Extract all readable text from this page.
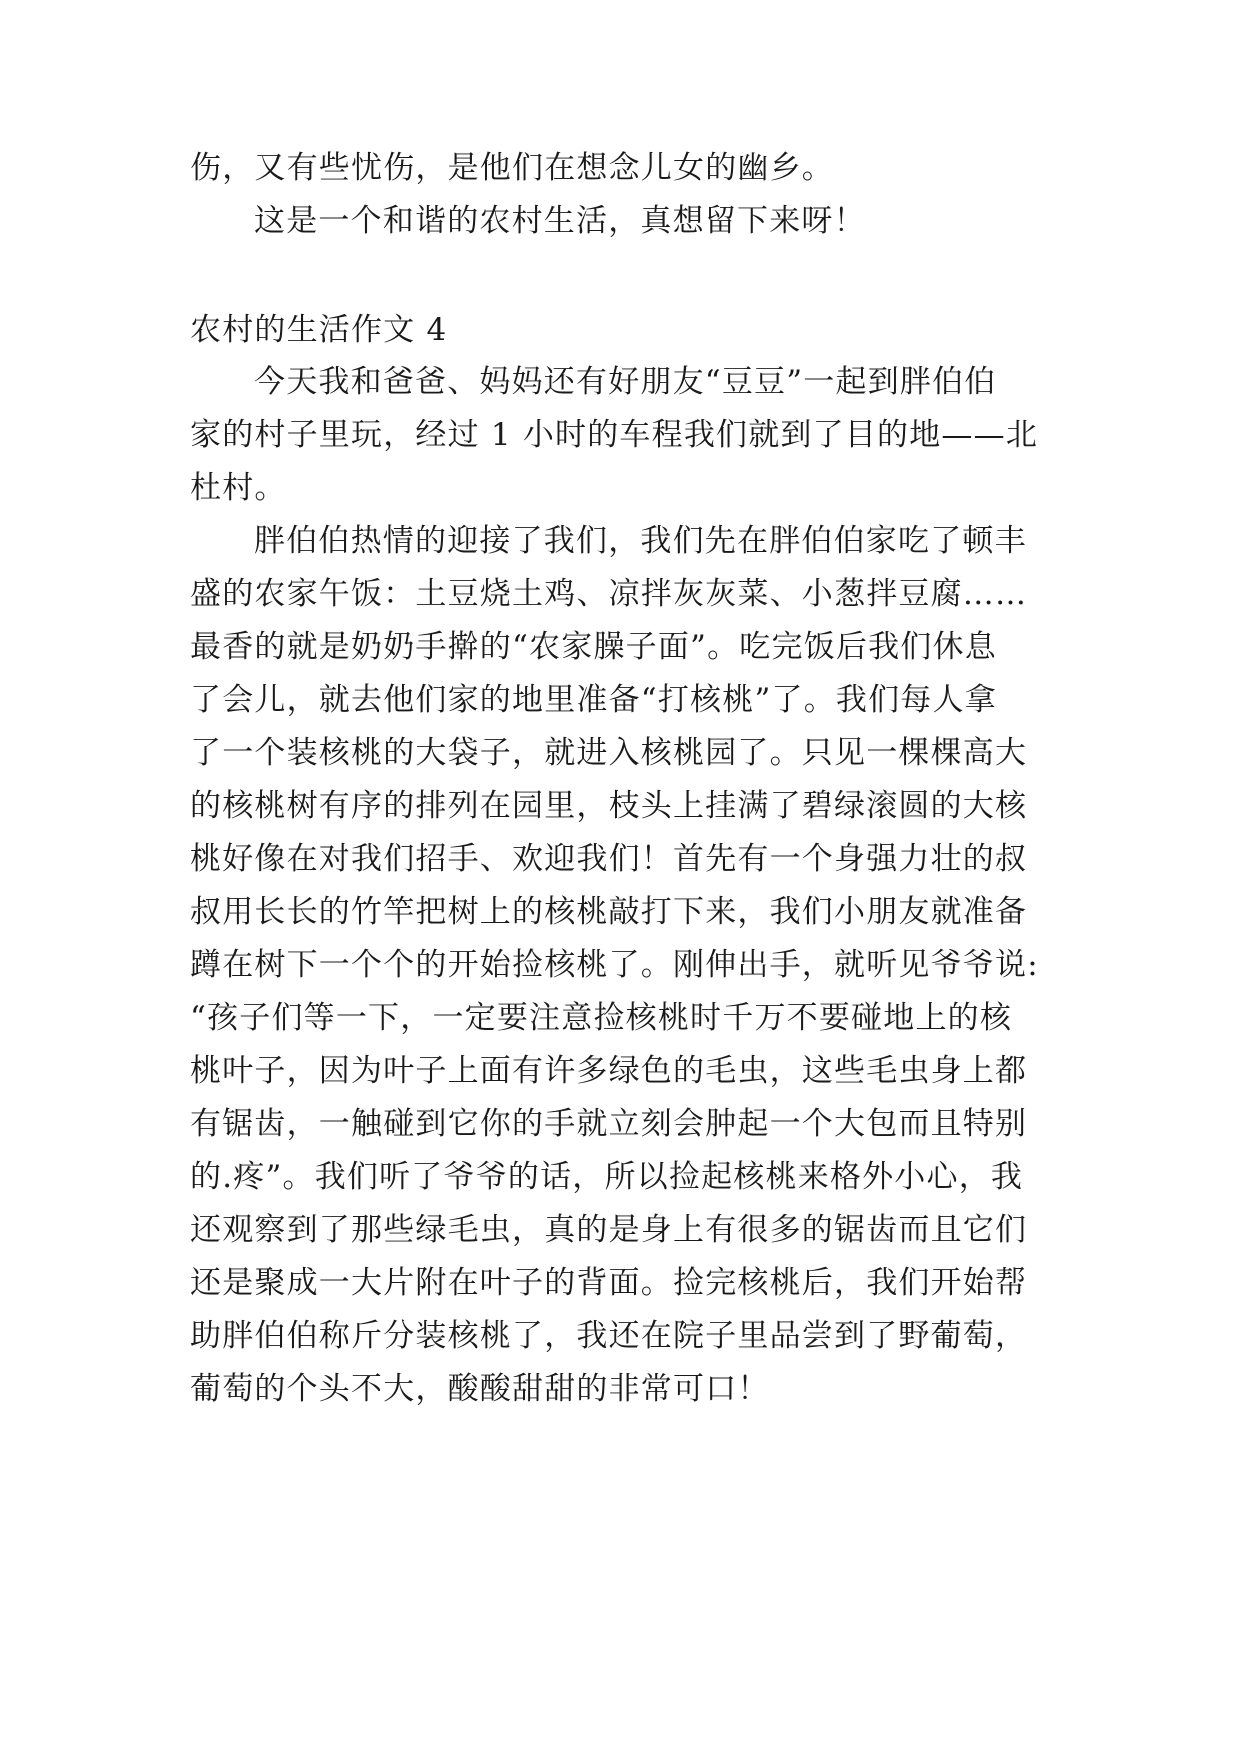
伤，又有些忧伤，是他们在想念儿女的幽乡。
这是一个和谐的农村生活，真想留下来呀！
农村的生活作文 4
今天我和爸爸、妈妈还有好朋友“豆豆”一起到胖伯伯
家的村子里玩，经过 1 小时的车程我们就到了目的地——北
杜村。
胖伯伯热情的迎接了我们，我们先在胖伯伯家吃了顿丰
盛的农家午饭：土豆烧土鸡、凉拌灰灰菜、小葱拌豆腐……
最香的就是奶奶手擀的“农家臊子面”。吃完饭后我们休息
了会儿，就去他们家的地里准备“打核桃”了。我们每人拿
了一个装核桃的大袋子，就进入核桃园了。只见一棵棵高大
的核桃树有序的排列在园里，枝头上挂满了碧绿滚圆的大核
桃好像在对我们招手、欢迎我们！首先有一个身强力壮的叔
叔用长长的竹竿把树上的核桃敲打下来，我们小朋友就准备
蹲在树下一个个的开始捡核桃了。刚伸出手，就听见爷爷说:
“孩子们等一下，一定要注意捡核桃时千万不要碰地上的核
桃叶子，因为叶子上面有许多绿色的毛虫，这些毛虫身上都
有锯齿，一触碰到它你的手就立刻会肿起一个大包而且特别
的.疼”。我们听了爷爷的话，所以捡起核桃来格外小心，我
还观察到了那些绿毛虫，真的是身上有很多的锯齿而且它们
还是聚成一大片附在叶子的背面。捡完核桃后，我们开始帮
助胖伯伯称斤分装核桃了，我还在院子里品尝到了野葡萄，
葡萄的个头不大，酸酸甜甜的非常可口！
